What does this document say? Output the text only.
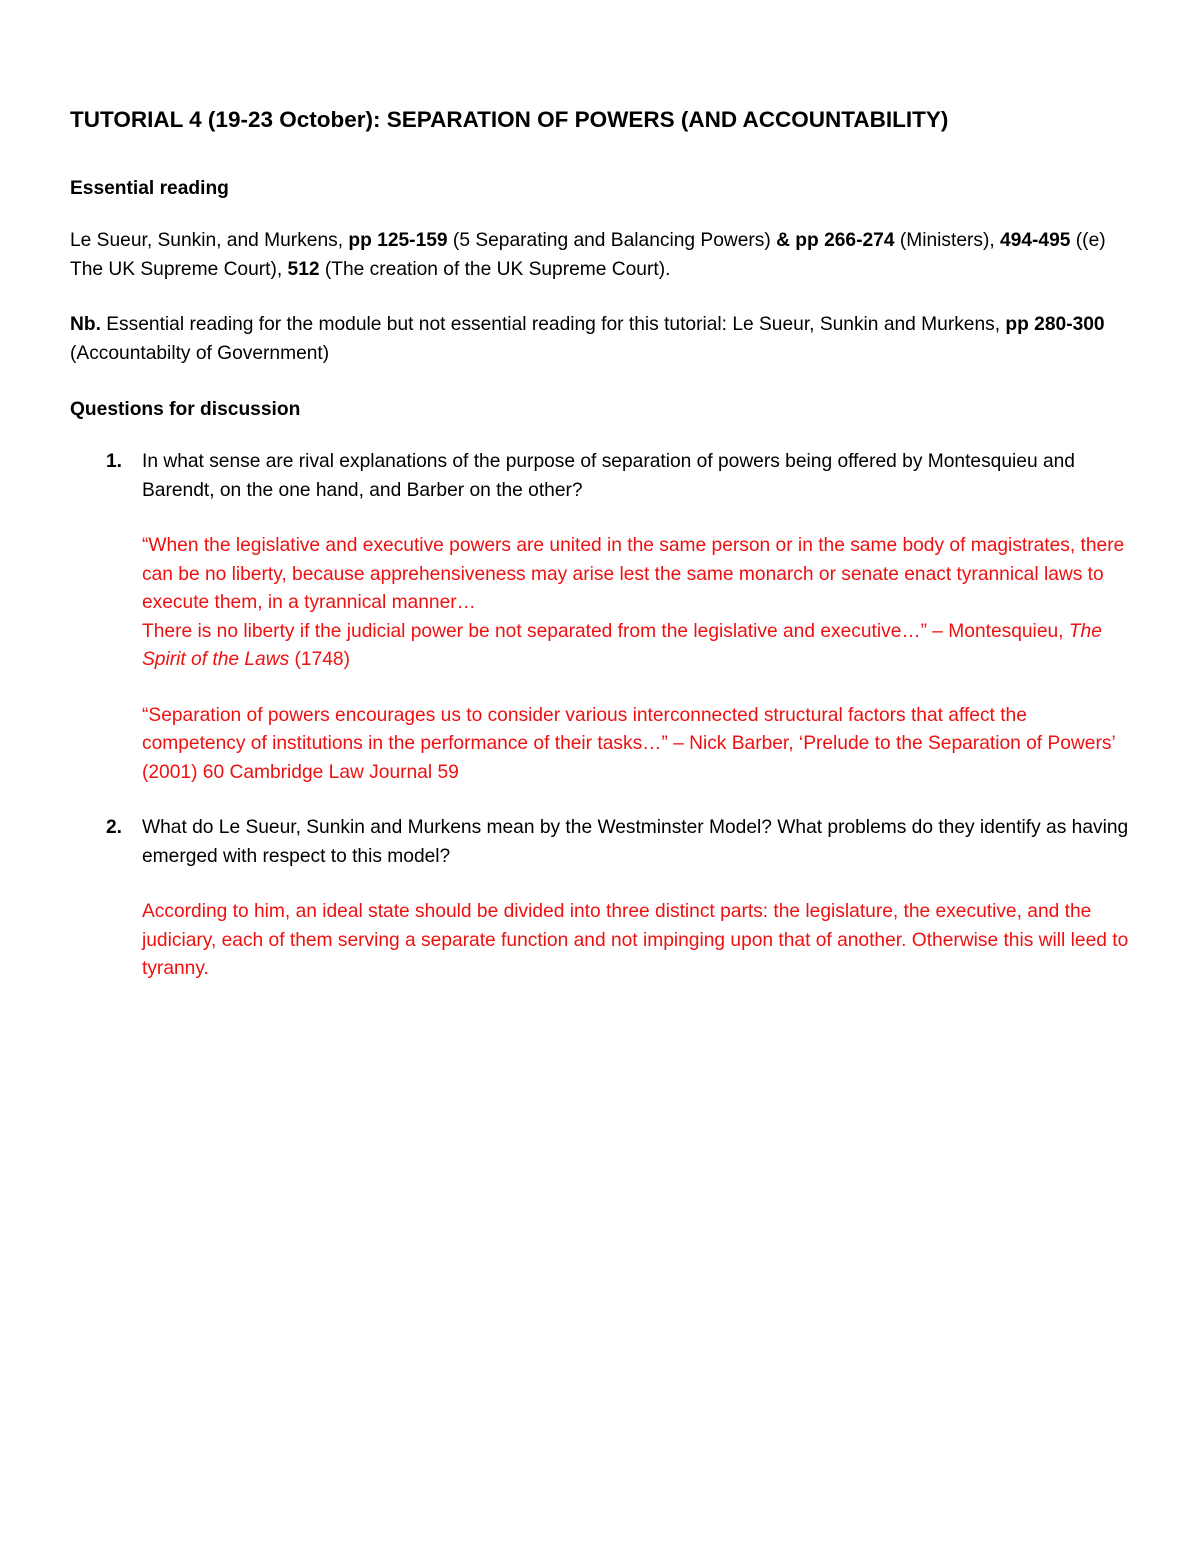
TUTORIAL 4 (19-23 October): SEPARATION OF POWERS (AND ACCOUNTABILITY)
Essential reading

Le Sueur, Sunkin, and Murkens, pp 125-159 (5 Separating and Balancing Powers) & pp 266-274 (Ministers), 494-495 ((e) The UK Supreme Court), 512 (The creation of the UK Supreme Court).

Nb. Essential reading for the module but not essential reading for this tutorial: Le Sueur, Sunkin and Murkens, pp 280-300 (Accountabilty of Government)

Questions for discussion
1. In what sense are rival explanations of the purpose of separation of powers being offered by Montesquieu and Barendt, on the one hand, and Barber on the other?

“When the legislative and executive powers are united in the same person or in the same body of magistrates, there can be no liberty, because apprehensiveness may arise lest the same monarch or senate enact tyrannical laws to execute them, in a tyrannical manner…
There is no liberty if the judicial power be not separated from the legislative and executive…” – Montesquieu, The Spirit of the Laws (1748)

“Separation of powers encourages us to consider various interconnected structural factors that affect the competency of institutions in the performance of their tasks…” – Nick Barber, ‘Prelude to the Separation of Powers’ (2001) 60 Cambridge Law Journal 59

2. What do Le Sueur, Sunkin and Murkens mean by the Westminster Model? What problems do they identify as having emerged with respect to this model?

According to him, an ideal state should be divided into three distinct parts: the legislature, the executive, and the judiciary, each of them serving a separate function and not impinging upon that of another. Otherwise this will leed to tyranny.
